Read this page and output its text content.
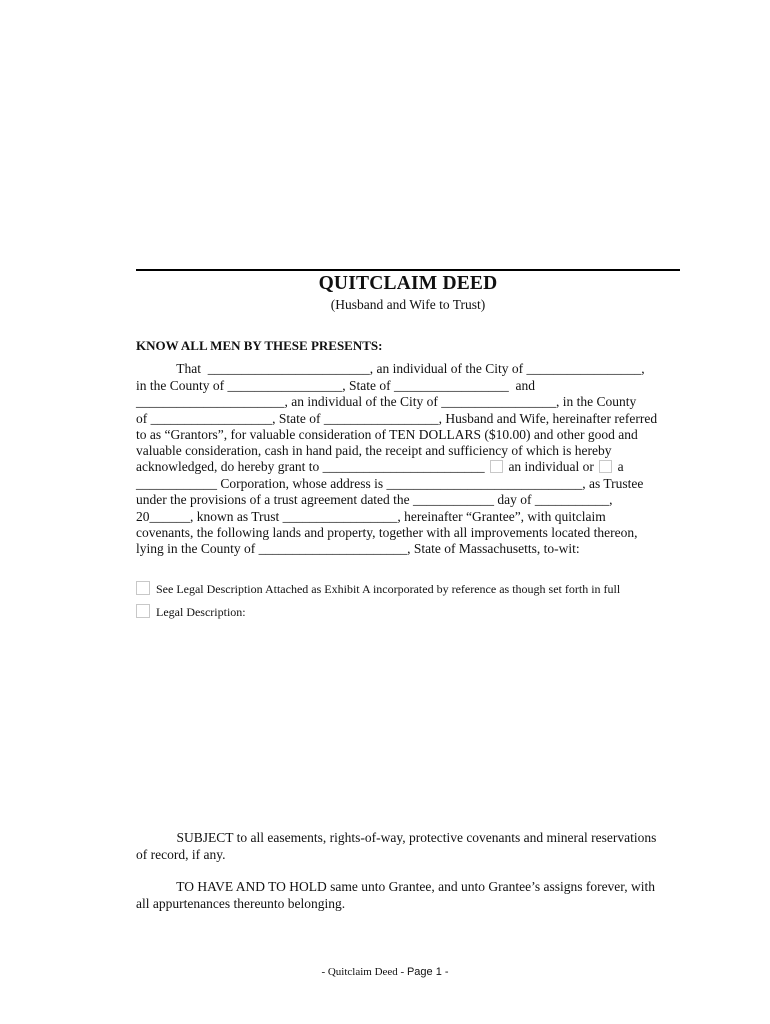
QUITCLAIM DEED
(Husband and Wife to Trust)
KNOW ALL MEN BY THESE PRESENTS:
That  ________________________, an individual of the City of _________________,
in the County of _________________, State of _________________  and
______________________, an individual of the City of _________________, in the County
of __________________, State of _________________, Husband and Wife, hereinafter referred
to as “Grantors”, for valuable consideration of TEN DOLLARS ($10.00) and other good and
valuable consideration, cash in hand paid, the receipt and sufficiency of which is hereby
acknowledged, do hereby grant to ________________________  an individual or  a
____________ Corporation, whose address is _____________________________, as Trustee
under the provisions of a trust agreement dated the ____________ day of ___________,
20______, known as Trust _________________, hereinafter “Grantee”, with quitclaim
covenants, the following lands and property, together with all improvements located thereon,
lying in the County of ______________________, State of Massachusetts, to-wit:
See Legal Description Attached as Exhibit A incorporated by reference as though set forth in full
Legal Description:
SUBJECT to all easements, rights-of-way, protective covenants and mineral reservations
of record, if any.
TO HAVE AND TO HOLD same unto Grantee, and unto Grantee’s assigns forever, with
all appurtenances thereunto belonging.
- Quitclaim Deed - Page 1 -
